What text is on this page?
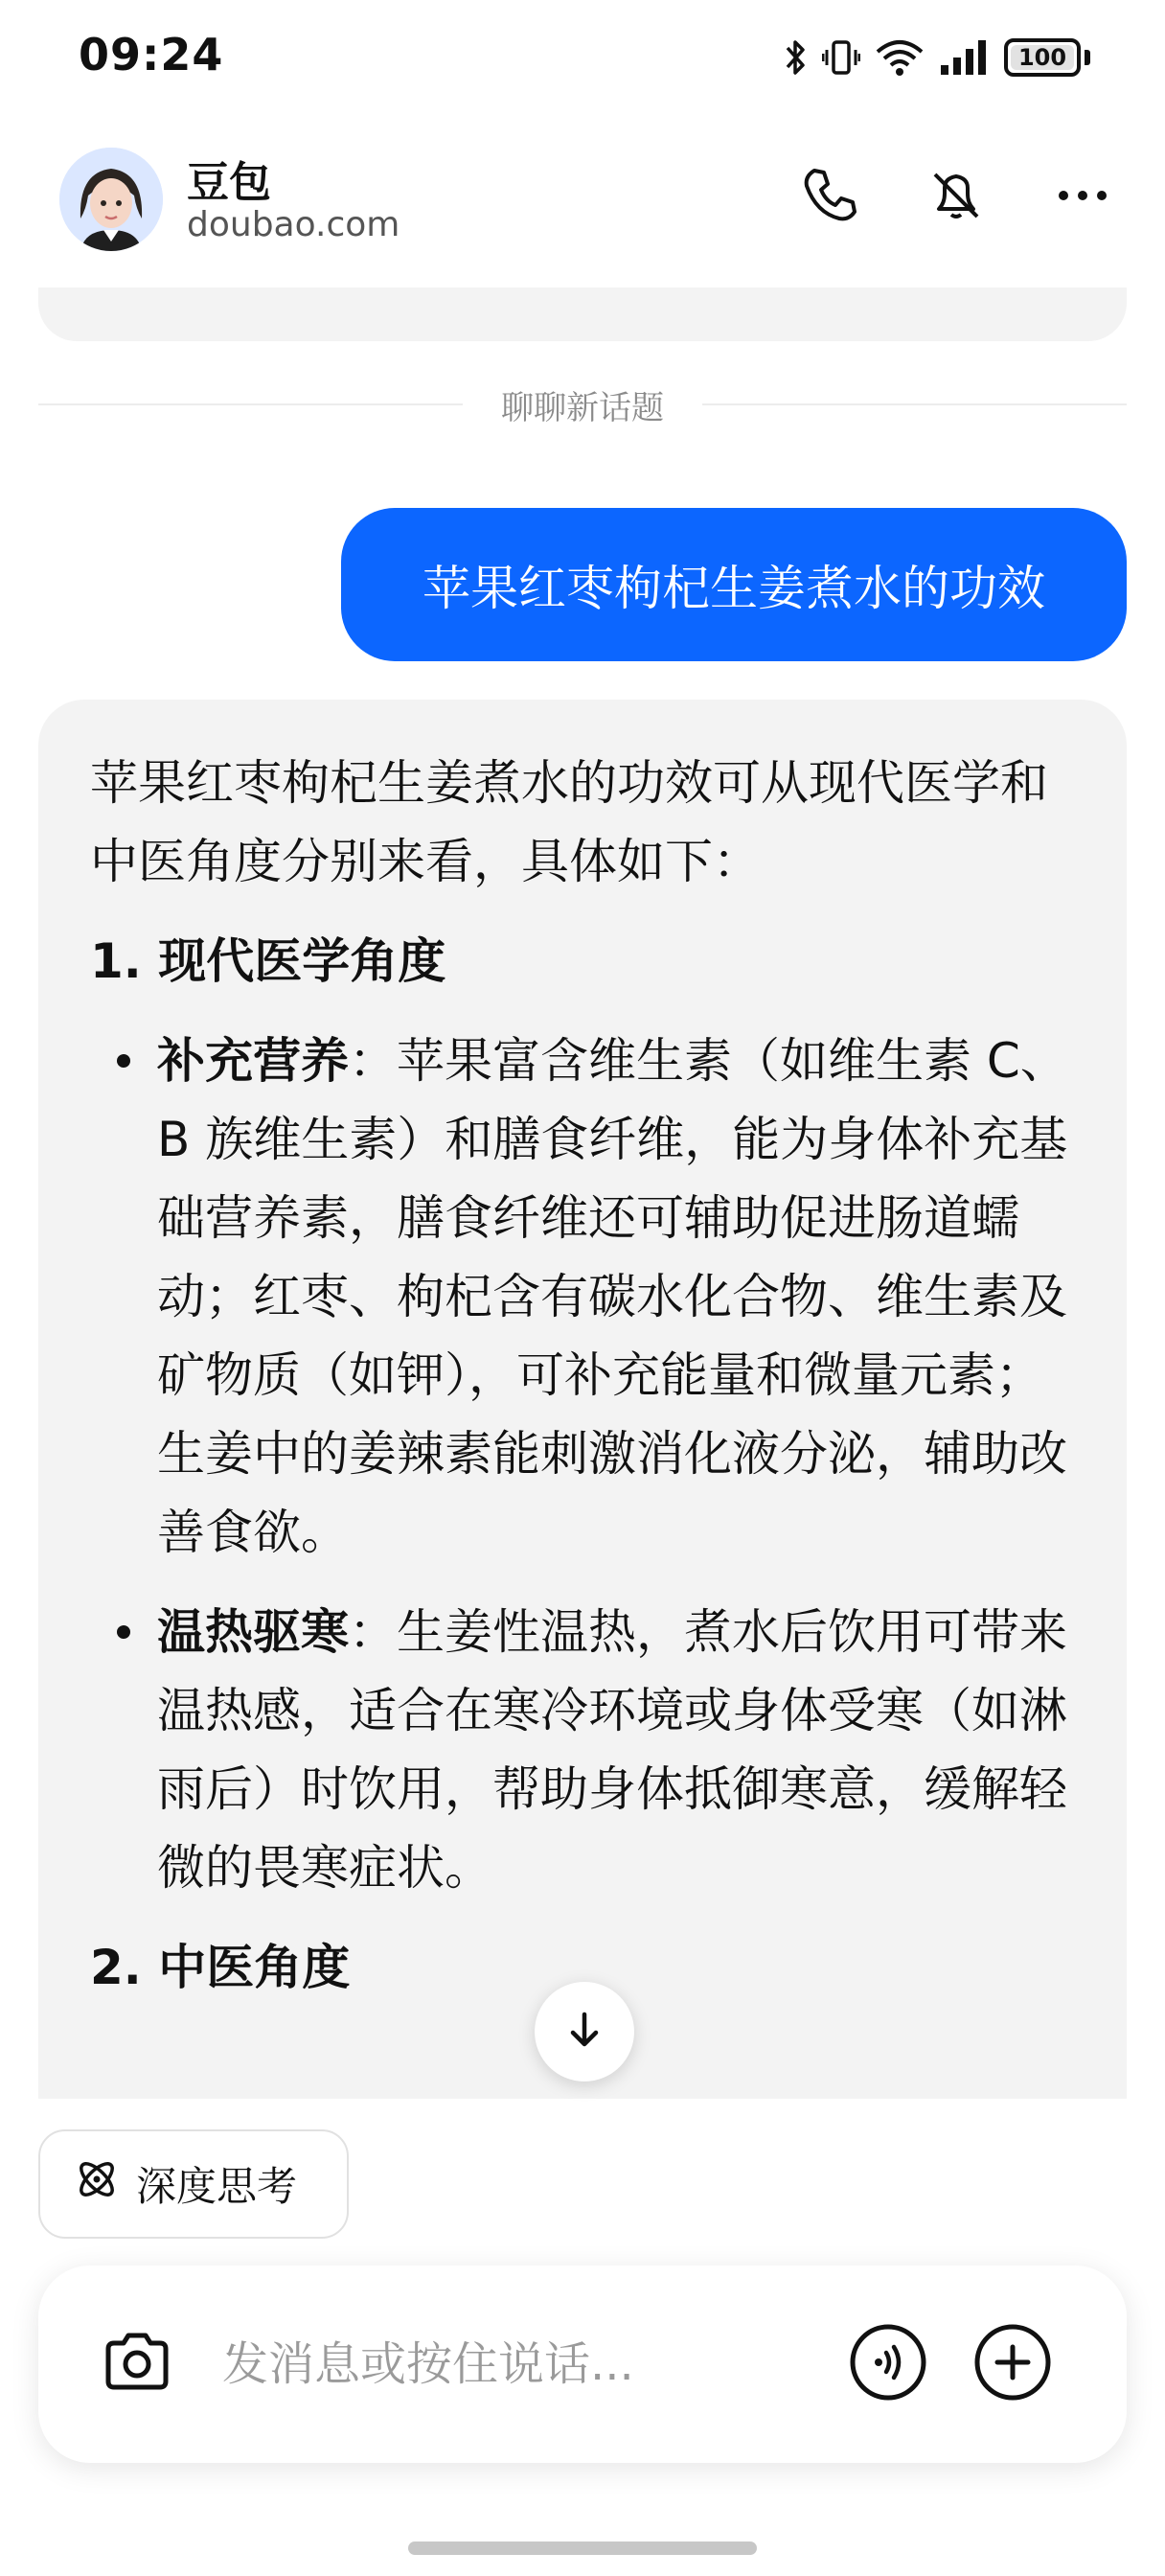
09:24	100
豆包
doubao.com
聊聊新话题
苹果红枣枸杞生姜煮水的功效

苹果红枣枸杞生姜煮水的功效可从现代医学和中医角度分别来看，具体如下：

1. 现代医学角度

补充营养：苹果富含维生素（如维生素 C、B 族维生素）和膳食纤维，能为身体补充基础营养素，膳食纤维还可辅助促进肠道蠕动；红枣、枸杞含有碳水化合物、维生素及矿物质（如钾），可补充能量和微量元素；生姜中的姜辣素能刺激消化液分泌，辅助改善食欲。
温热驱寒：生姜性温热，煮水后饮用可带来温热感，适合在寒冷环境或身体受寒（如淋雨后）时饮用，帮助身体抵御寒意，缓解轻微的畏寒症状。

2. 中医角度

深度思考
发消息或按住说话...
